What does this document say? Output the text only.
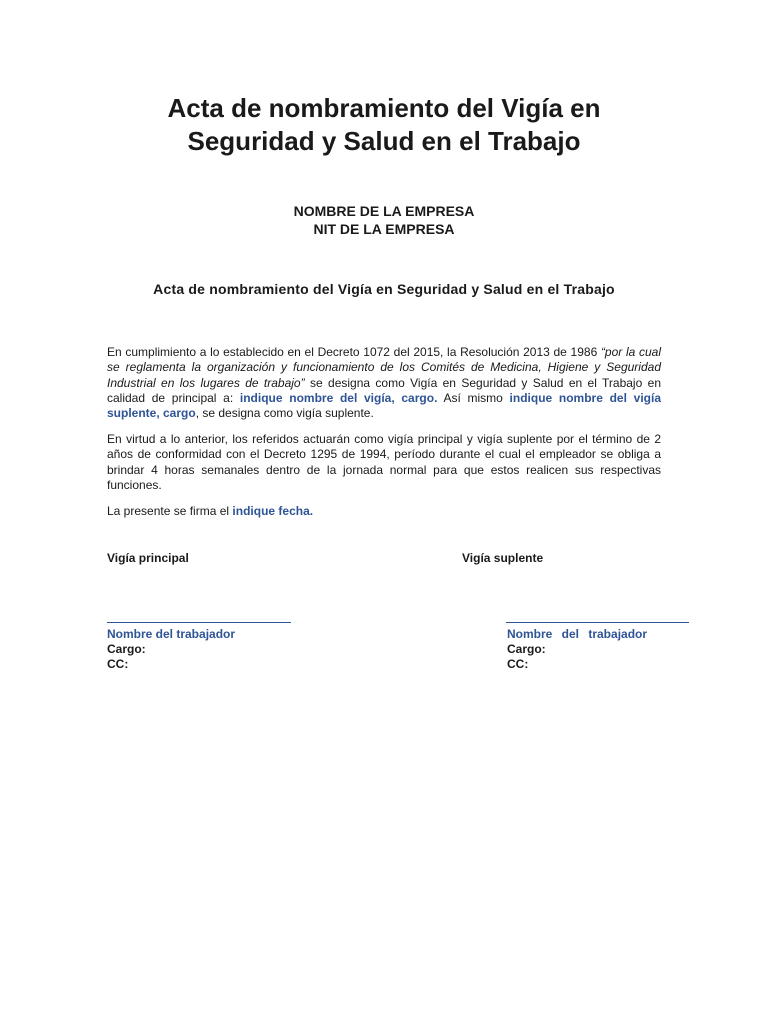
Acta de nombramiento del Vigía en
Seguridad y Salud en el Trabajo
NOMBRE DE LA EMPRESA
NIT DE LA EMPRESA
Acta de nombramiento del Vigía en Seguridad y Salud en el Trabajo

En cumplimiento a lo establecido en el Decreto 1072 del 2015, la Resolución 2013 de 1986 “por la cual se reglamenta la organización y funcionamiento de los Comités de Medicina, Higiene y Seguridad Industrial en los lugares de trabajo” se designa como Vigía en Seguridad y Salud en el Trabajo en calidad de principal a: indique nombre del vigía, cargo. Así mismo indique nombre del vigía suplente, cargo, se designa como vigía suplente.

En virtud a lo anterior, los referidos actuarán como vigía principal y vigía suplente por el término de 2 años de conformidad con el Decreto 1295 de 1994, período durante el cual el empleador se obliga a brindar 4 horas semanales dentro de la jornada normal para que estos realicen sus respectivas funciones.

La presente se firma el indique fecha.

Vigía principal	Vigía suplente
Nombre del trabajador
Cargo:
CC:
Nombre del trabajador
Cargo:
CC:
